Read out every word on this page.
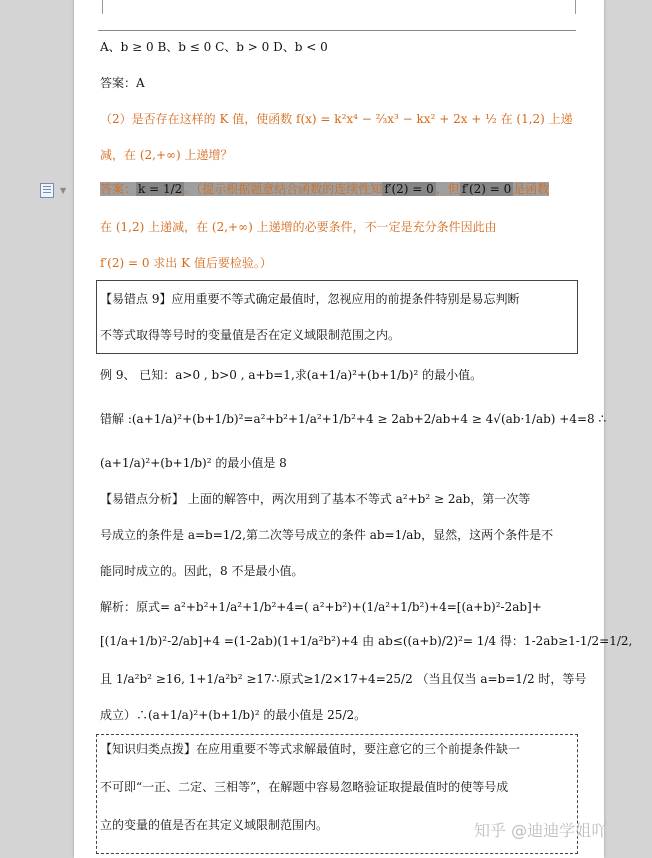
▼
A、b ≥ 0 B、b ≤ 0 C、b > 0 D、b < 0
答案：A
（2）是否存在这样的 K 值，使函数 f(x) = k²x⁴ − ⅔x³ − kx² + 2x + ½ 在 (1,2) 上递
减，在 (2,+∞) 上递增？
答案： k = 1/2 。（提示根据题意结合函数的连续性知 f′(2) = 0 ，但 f′(2) = 0 是函数
在 (1,2) 上递减，在 (2,+∞) 上递增的必要条件，不一定是充分条件因此由
f′(2) = 0 求出 K 值后要检验。）
【易错点 9】应用重要不等式确定最值时，忽视应用的前提条件特别是易忘判断
不等式取得等号时的变量值是否在定义域限制范围之内。
例 9、 已知：a>0 , b>0 , a+b=1,求(a+1/a)²+(b+1/b)² 的最小值。
错解 :(a+1/a)²+(b+1/b)²=a²+b²+1/a²+1/b²+4 ≥ 2ab+2/ab+4 ≥ 4√(ab·1/ab) +4=8 ∴
(a+1/a)²+(b+1/b)² 的最小值是 8
【易错点分析】 上面的解答中，两次用到了基本不等式 a²+b² ≥ 2ab，第一次等
号成立的条件是 a=b=1/2,第二次等号成立的条件 ab=1/ab，显然，这两个条件是不
能同时成立的。因此，8 不是最小值。
解析：原式= a²+b²+1/a²+1/b²+4=( a²+b²)+(1/a²+1/b²)+4=[(a+b)²-2ab]+
[(1/a+1/b)²-2/ab]+4 =(1-2ab)(1+1/a²b²)+4 由 ab≤((a+b)/2)²= 1/4 得：1-2ab≥1-1/2=1/2,
且 1/a²b² ≥16, 1+1/a²b² ≥17∴原式≥1/2×17+4=25/2 （当且仅当 a=b=1/2 时，等号
成立）∴(a+1/a)²+(b+1/b)² 的最小值是 25/2。
【知识归类点拨】在应用重要不等式求解最值时，要注意它的三个前提条件缺一
不可即“一正、二定、三相等”，在解题中容易忽略验证取提最值时的使等号成
立的变量的值是否在其定义域限制范围内。	知乎 @迪迪学姐吖
